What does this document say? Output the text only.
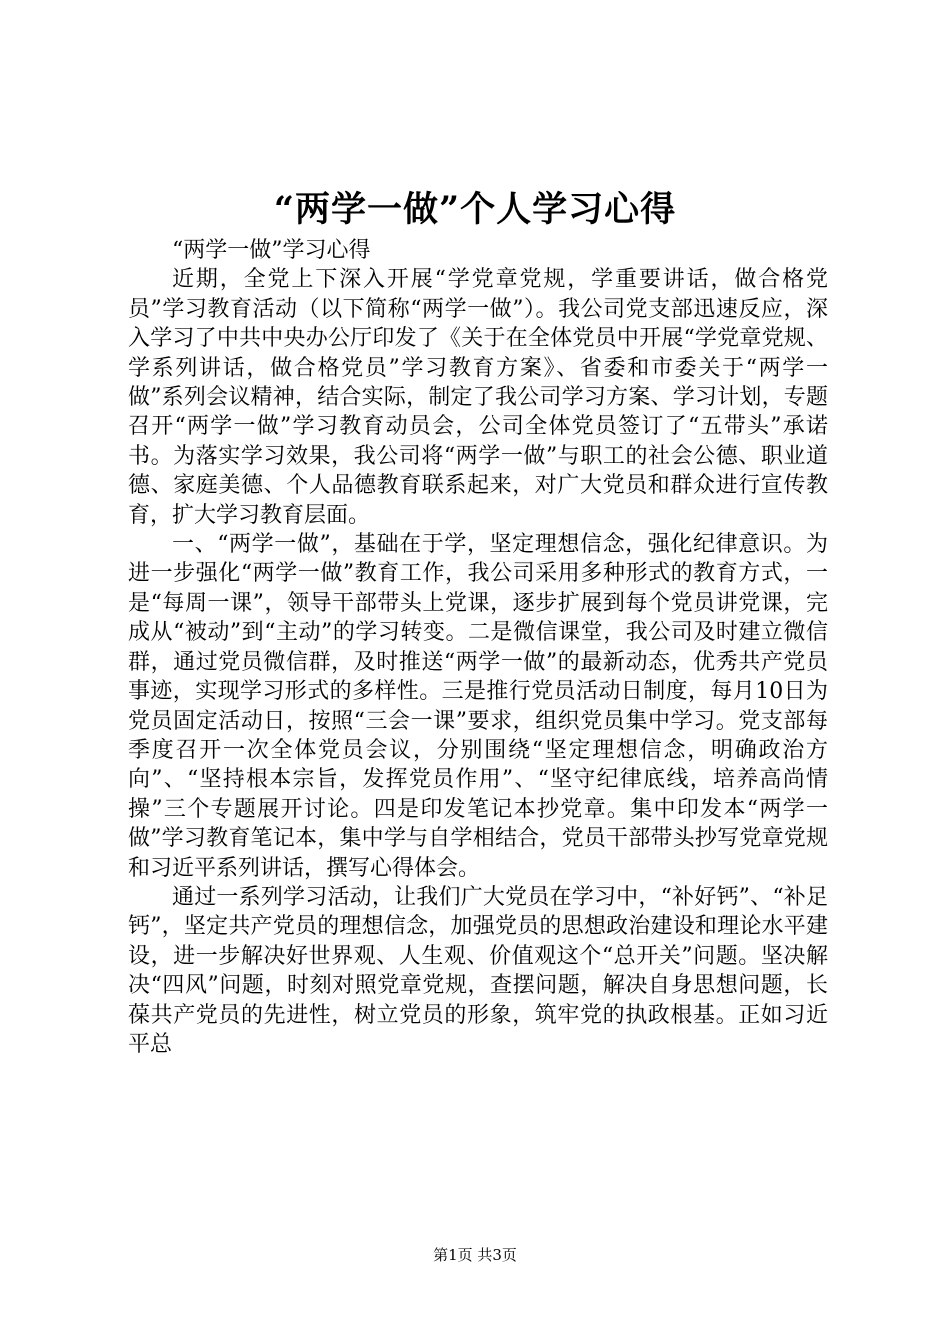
“两学一做”个人学习心得

“两学一做”学习心得

近期，全党上下深入开展“学党章党规，学重要讲话，做合格党员”学习教育活动（以下简称“两学一做”）。我公司党支部迅速反应，深入学习了中共中央办公厅印发了《关于在全体党员中开展“学党章党规、学系列讲话，做合格党员”学习教育方案》、省委和市委关于“两学一做”系列会议精神，结合实际，制定了我公司学习方案、学习计划，专题召开“两学一做”学习教育动员会，公司全体党员签订了“五带头”承诺书。为落实学习效果，我公司将“两学一做”与职工的社会公德、职业道德、家庭美德、个人品德教育联系起来，对广大党员和群众进行宣传教育，扩大学习教育层面。

一、“两学一做”，基础在于学，坚定理想信念，强化纪律意识。为进一步强化“两学一做”教育工作，我公司采用多种形式的教育方式，一是“每周一课”，领导干部带头上党课，逐步扩展到每个党员讲党课，完成从“被动”到“主动”的学习转变。二是微信课堂，我公司及时建立微信群，通过党员微信群，及时推送“两学一做”的最新动态，优秀共产党员事迹，实现学习形式的多样性。三是推行党员活动日制度，每月10日为党员固定活动日，按照“三会一课”要求，组织党员集中学习。党支部每季度召开一次全体党员会议，分别围绕“坚定理想信念，明确政治方向”、“坚持根本宗旨，发挥党员作用”、“坚守纪律底线，培养高尚情操”三个专题展开讨论。四是印发笔记本抄党章。集中印发本“两学一做”学习教育笔记本，集中学与自学相结合，党员干部带头抄写党章党规和习近平系列讲话，撰写心得体会。

通过一系列学习活动，让我们广大党员在学习中，“补好钙”、“补足钙”，坚定共产党员的理想信念，加强党员的思想政治建设和理论水平建设，进一步解决好世界观、人生观、价值观这个“总开关”问题。坚决解决“四风”问题，时刻对照党章党规，查摆问题，解决自身思想问题，长葆共产党员的先进性，树立党员的形象，筑牢党的执政根基。正如习近平总

第1页 共3页
